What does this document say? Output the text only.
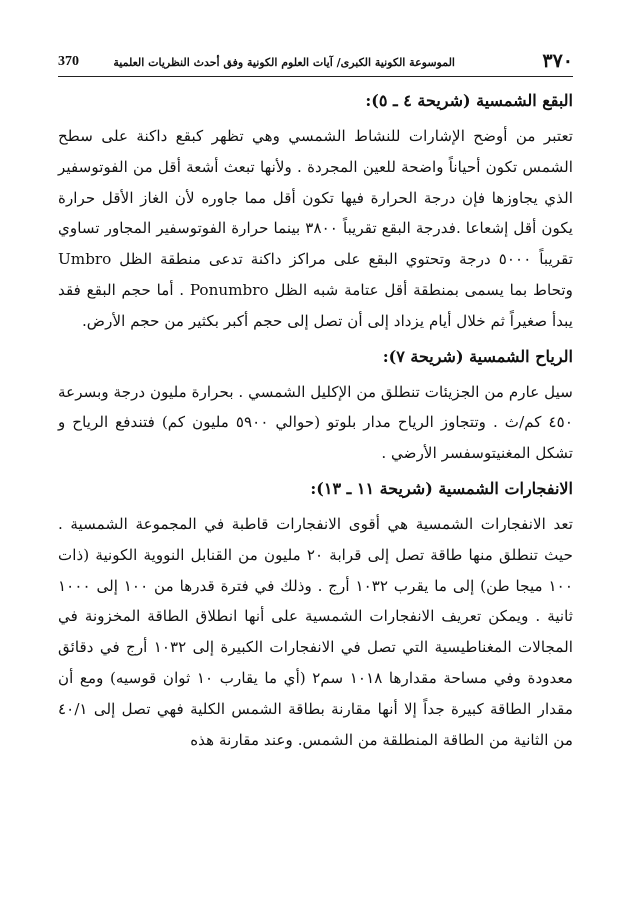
٣٧٠
الموسوعة الكونية الكبرى/ آيات العلوم الكونية وفق أحدث النظريات العلمية
370
البقع الشمسية (شريحة ٤ ـ ٥):

تعتبر من أوضح الإشارات للنشاط الشمسي وهي تظهر كبقع داكنة على سطح الشمس تكون أحياناً واضحة للعين المجردة . ولأنها تبعث أشعة أقل من الفوتوسفير الذي يجاوزها فإن درجة الحرارة فيها تكون أقل مما جاوره لأن الغاز الأقل حرارة يكون أقل إشعاعا .فدرجة البقع تقريباً ٣٨٠٠ بينما حرارة الفوتوسفير المجاور تساوي تقريباً ٥٠٠٠ درجة وتحتوي البقع على مراكز داكنة تدعى منطقة الظل Umbro وتحاط بما يسمى بمنطقة أقل عتامة شبه الظل Ponumbro . أما حجم البقع فقد يبدأ صغيراً ثم خلال أيام يزداد إلى أن تصل إلى حجم أكبر بكثير من حجم الأرض.

الرياح الشمسية (شريحة ٧):

سيل عارم من الجزيئات تنطلق من الإكليل الشمسي . بحرارة مليون درجة وبسرعة ٤٥٠ كم/ث . وتتجاوز الرياح مدار بلوتو (حوالي ٥٩٠٠ مليون كم) فتندفع الرياح و تشكل المغنيتوسفسر الأرضي .

الانفجارات الشمسية (شريحة ١١ ـ ١٣):

تعد الانفجارات الشمسية هي أقوى الانفجارات قاطبة في المجموعة الشمسية . حيث تنطلق منها طاقة تصل إلى قرابة ٢٠ مليون من القنابل النووية الكونية (ذات ١٠٠ ميجا طن) إلى ما يقرب ١٠٣٢ أرج . وذلك في فترة قدرها من ١٠٠ إلى ١٠٠٠ ثانية . ويمكن تعريف الانفجارات الشمسية على أنها انطلاق الطاقة المخزونة في المجالات المغناطيسية التي تصل في الانفجارات الكبيرة إلى ١٠٣٢ أرج في دقائق معدودة وفي مساحة مقدارها ١٠١٨ سم٢ (أي ما يقارب ١٠ ثوان قوسيه) ومع أن مقدار الطاقة كبيرة جداً إلا أنها مقارنة بطاقة الشمس الكلية فهي تصل إلى ٤٠/١ من الثانية من الطاقة المنطلقة من الشمس. وعند مقارنة هذه
